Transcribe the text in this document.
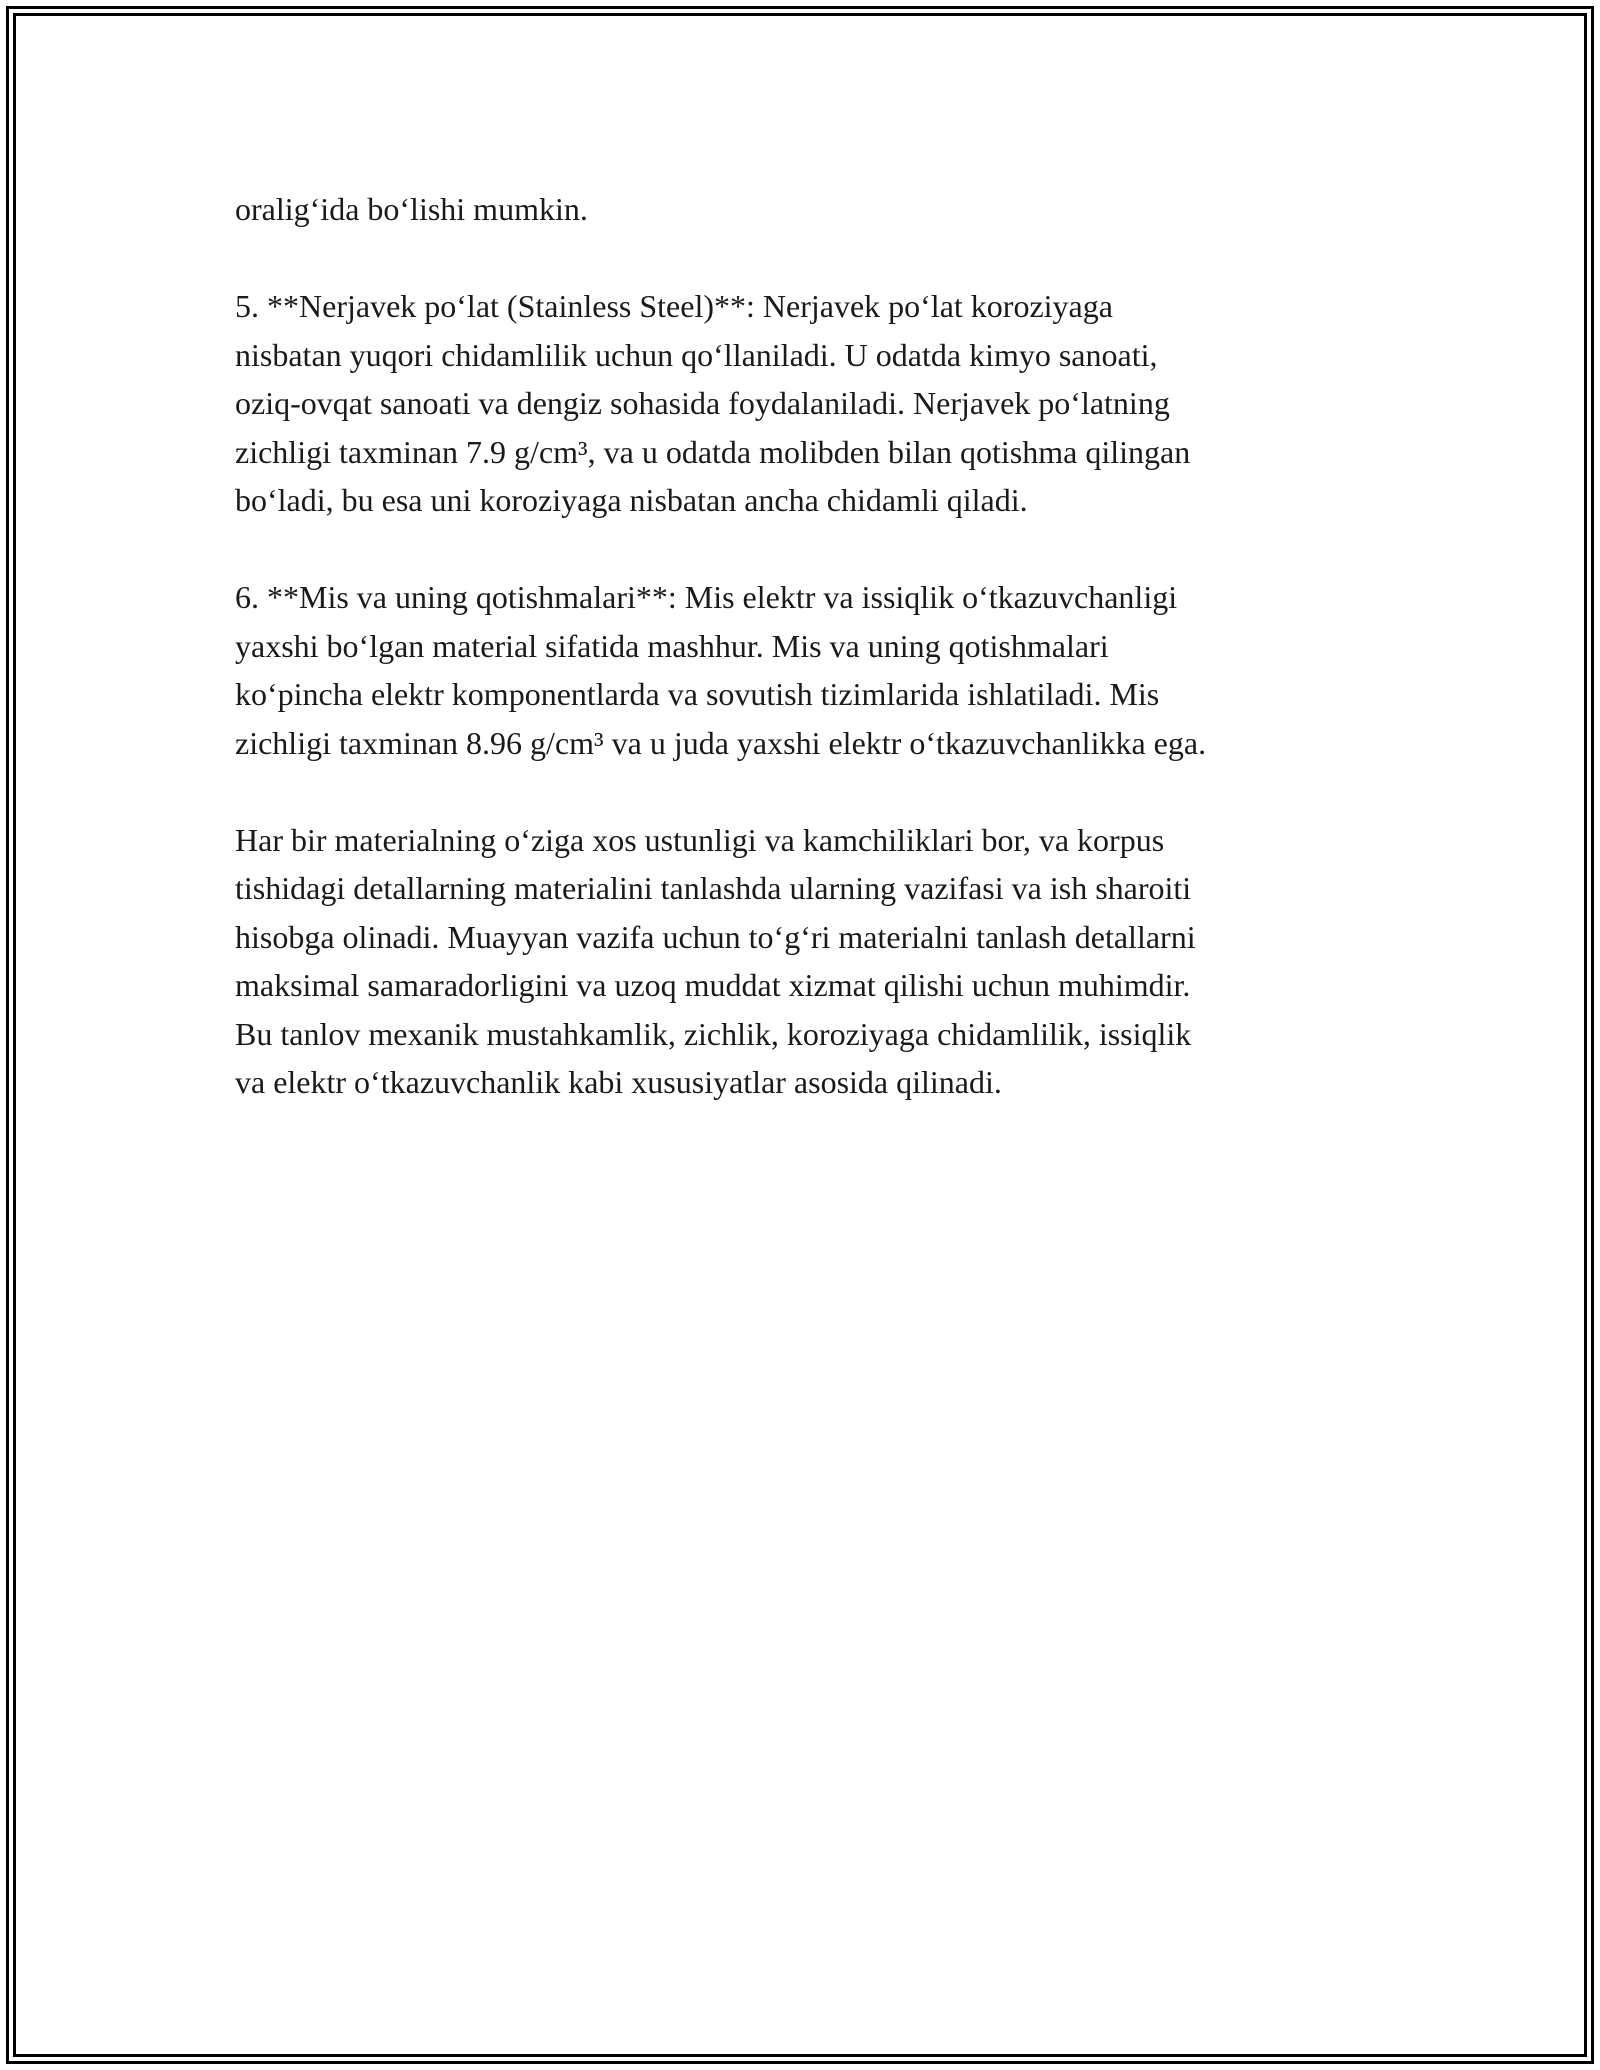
oralig‘ida bo‘lishi mumkin.

5. **Nerjavek po‘lat (Stainless Steel)**: Nerjavek po‘lat koroziyaga
nisbatan yuqori chidamlilik uchun qo‘llaniladi. U odatda kimyo sanoati,
oziq-ovqat sanoati va dengiz sohasida foydalaniladi. Nerjavek po‘latning
zichligi taxminan 7.9 g/cm³, va u odatda molibden bilan qotishma qilingan
bo‘ladi, bu esa uni koroziyaga nisbatan ancha chidamli qiladi.

6. **Mis va uning qotishmalari**: Mis elektr va issiqlik o‘tkazuvchanligi
yaxshi bo‘lgan material sifatida mashhur. Mis va uning qotishmalari
ko‘pincha elektr komponentlarda va sovutish tizimlarida ishlatiladi. Mis
zichligi taxminan 8.96 g/cm³ va u juda yaxshi elektr o‘tkazuvchanlikka ega.

Har bir materialning o‘ziga xos ustunligi va kamchiliklari bor, va korpus
tishidagi detallarning materialini tanlashda ularning vazifasi va ish sharoiti
hisobga olinadi. Muayyan vazifa uchun to‘g‘ri materialni tanlash detallarni
maksimal samaradorligini va uzoq muddat xizmat qilishi uchun muhimdir.
Bu tanlov mexanik mustahkamlik, zichlik, koroziyaga chidamlilik, issiqlik
va elektr o‘tkazuvchanlik kabi xususiyatlar asosida qilinadi.
